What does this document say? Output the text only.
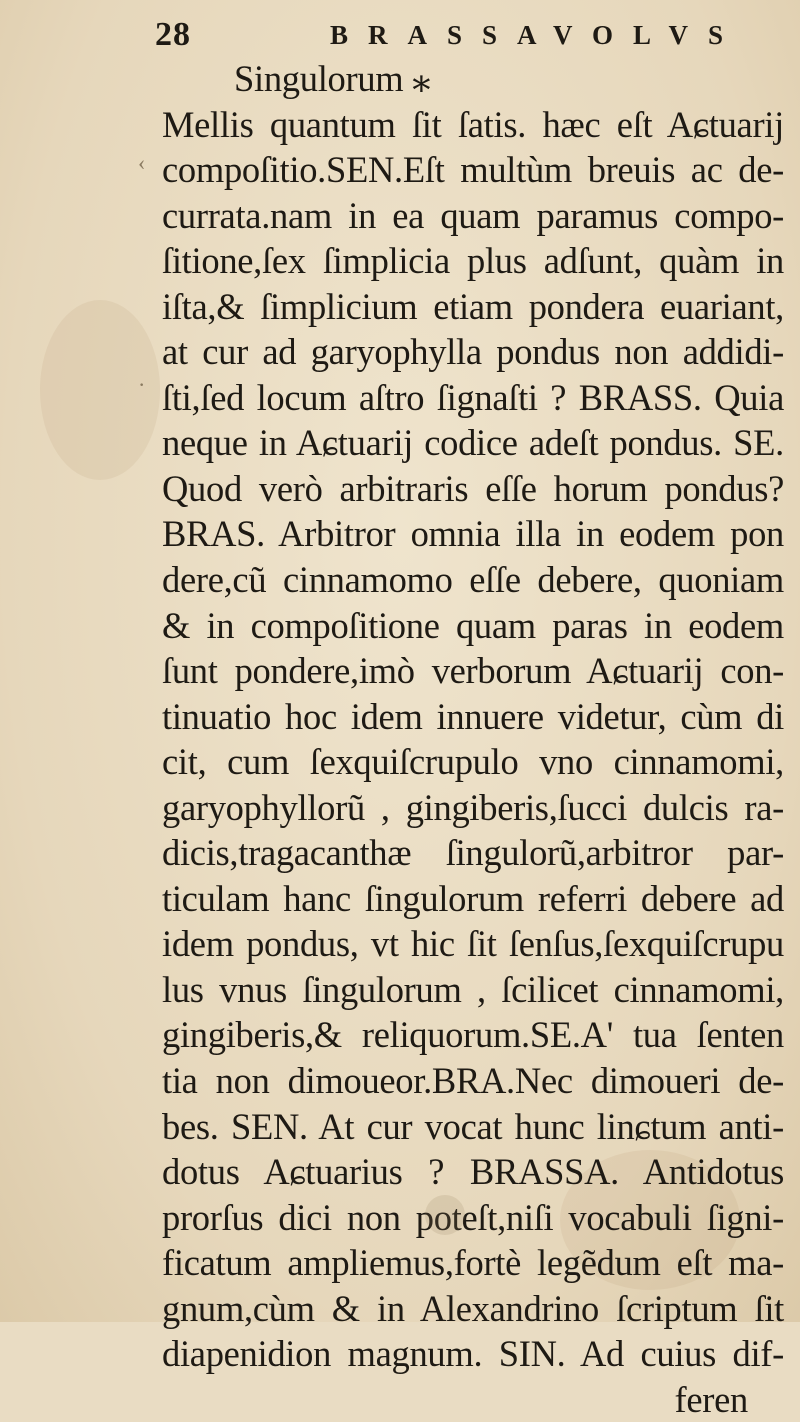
28	BRASSAVOLVS
‹
·
Singulorum ⁎
Mellis quantum ſit ſatis. hæc eſt Aɕtuarij
compoſitio.SEN.Eſt multùm breuis ac de-
currata.nam in ea quam paramus compo-
ſitione,ſex ſimplicia plus adſunt, quàm in
iſta,& ſimplicium etiam pondera euariant,
at cur ad garyophylla pondus non addidi-
ſti,ſed locum aſtro ſignaſti ? BRASS. Quia
neque in Aɕtuarij codice adeſt pondus. SE.
Quod verò arbitraris eſſe horum pondus?
BRAS. Arbitror omnia illa in eodem pon
dere,cũ cinnamomo eſſe debere, quoniam
& in compoſitione quam paras in eodem
ſunt pondere,imò verborum Aɕtuarij con-
tinuatio hoc idem innuere videtur, cùm di
cit, cum ſexquiſcrupulo vno cinnamomi,
garyophyllorũ , gingiberis,ſucci dulcis ra-
dicis,tragacanthæ ſingulorũ,arbitror par-
ticulam hanc ſingulorum referri debere ad
idem pondus, vt hic ſit ſenſus,ſexquiſcrupu
lus vnus ſingulorum , ſcilicet cinnamomi,
gingiberis,& reliquorum.SE.A' tua ſenten
tia non dimoueor.BRA.Nec dimoueri de-
bes. SEN. At cur vocat hunc linɕtum anti-
dotus Aɕtuarius ? BRASSA. Antidotus
prorſus dici non poteſt,niſi vocabuli ſigni-
ficatum ampliemus,fortè legẽdum eſt ma-
gnum,cùm & in Alexandrino ſcriptum ſit
diapenidion magnum. SIN. Ad cuius dif-
feren
